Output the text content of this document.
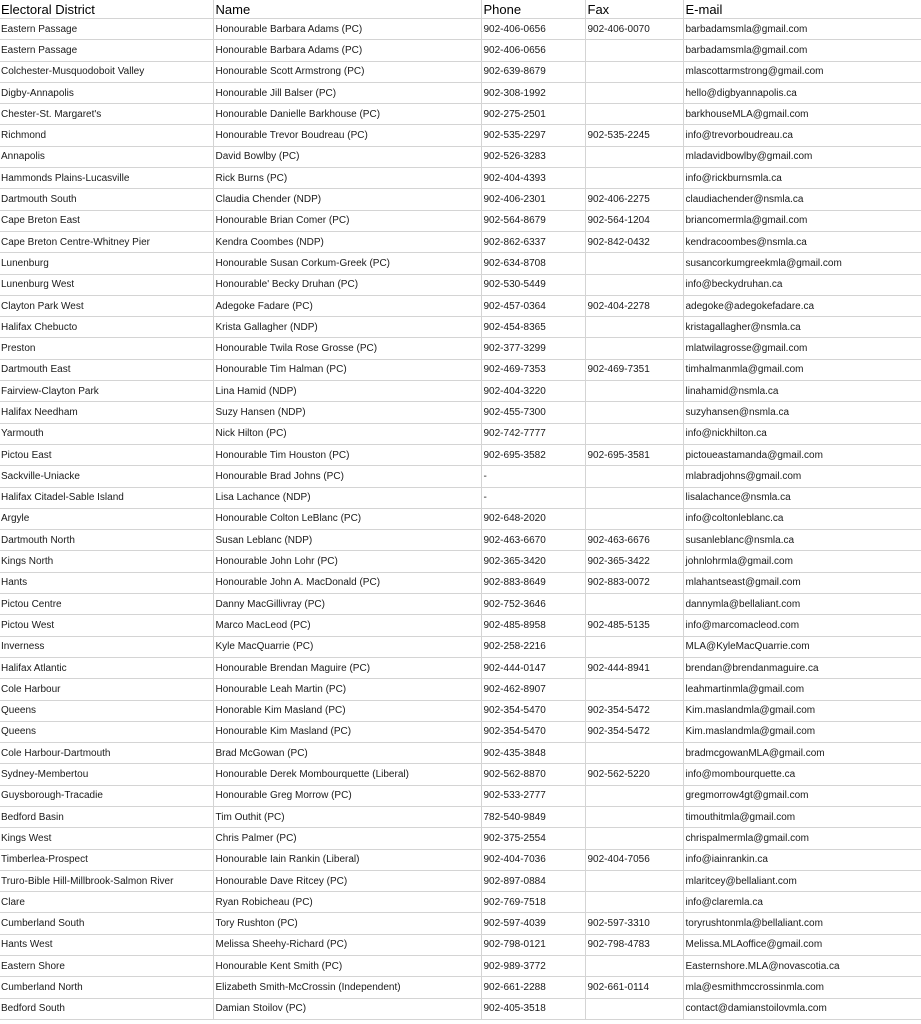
Electoral District	Name	Phone	Fax	E-mail
Eastern Passage	Honourable Barbara Adams (PC)	902-406-0656	902-406-0070	barbadamsmla@gmail.com
Eastern Passage	Honourable Barbara Adams (PC)	902-406-0656		barbadamsmla@gmail.com
Colchester-Musquodoboit Valley	Honourable Scott Armstrong (PC)	902-639-8679		mlascottarmstrong@gmail.com
Digby-Annapolis	Honourable Jill Balser (PC)	902-308-1992		hello@digbyannapolis.ca
Chester-St. Margaret's	Honourable Danielle Barkhouse (PC)	902-275-2501		barkhouseMLA@gmail.com
Richmond	Honourable Trevor Boudreau (PC)	902-535-2297	902-535-2245	info@trevorboudreau.ca
Annapolis	David Bowlby (PC)	902-526-3283		mladavidbowlby@gmail.com
Hammonds Plains-Lucasville	Rick Burns (PC)	902-404-4393		info@rickburnsmla.ca
Dartmouth South	Claudia Chender (NDP)	902-406-2301	902-406-2275	claudiachender@nsmla.ca
Cape Breton East	Honourable Brian Comer (PC)	902-564-8679	902-564-1204	briancomermla@gmail.com
Cape Breton Centre-Whitney Pier	Kendra Coombes (NDP)	902-862-6337	902-842-0432	kendracoombes@nsmla.ca
Lunenburg	Honourable Susan Corkum-Greek (PC)	902-634-8708		susancorkumgreekmla@gmail.com
Lunenburg West	Honourable' Becky Druhan (PC)	902-530-5449		info@beckydruhan.ca
Clayton Park West	Adegoke Fadare (PC)	902-457-0364	902-404-2278	adegoke@adegokefadare.ca
Halifax Chebucto	Krista Gallagher (NDP)	902-454-8365		kristagallagher@nsmla.ca
Preston	Honourable Twila Rose Grosse (PC)	902-377-3299		mlatwilagrosse@gmail.com
Dartmouth East	Honourable Tim Halman (PC)	902-469-7353	902-469-7351	timhalmanmla@gmail.com
Fairview-Clayton Park	Lina Hamid (NDP)	902-404-3220		linahamid@nsmla.ca
Halifax Needham	Suzy Hansen (NDP)	902-455-7300		suzyhansen@nsmla.ca
Yarmouth	Nick Hilton (PC)	902-742-7777		info@nickhilton.ca
Pictou East	Honourable Tim Houston (PC)	902-695-3582	902-695-3581	pictoueastamanda@gmail.com
Sackville-Uniacke	Honourable Brad Johns (PC)	-		mlabradjohns@gmail.com
Halifax Citadel-Sable Island	Lisa Lachance (NDP)	-		lisalachance@nsmla.ca
Argyle	Honourable Colton LeBlanc (PC)	902-648-2020		info@coltonleblanc.ca
Dartmouth North	Susan Leblanc (NDP)	902-463-6670	902-463-6676	susanleblanc@nsmla.ca
Kings North	Honourable John Lohr (PC)	902-365-3420	902-365-3422	johnlohrmla@gmail.com
Hants	Honourable John A. MacDonald (PC)	902-883-8649	902-883-0072	mlahantseast@gmail.com
Pictou Centre	Danny MacGillivray (PC)	902-752-3646		dannymla@bellaliant.com
Pictou West	Marco MacLeod (PC)	902-485-8958	902-485-5135	info@marcomacleod.com
Inverness	Kyle MacQuarrie (PC)	902-258-2216		MLA@KyleMacQuarrie.com
Halifax Atlantic	Honourable Brendan Maguire (PC)	902-444-0147	902-444-8941	brendan@brendanmaguire.ca
Cole Harbour	Honourable Leah Martin (PC)	902-462-8907		leahmartinmla@gmail.com
Queens	Honorable Kim Masland (PC)	902-354-5470	902-354-5472	Kim.maslandmla@gmail.com
Queens	Honourable Kim Masland (PC)	902-354-5470	902-354-5472	Kim.maslandmla@gmail.com
Cole Harbour-Dartmouth	Brad McGowan (PC)	902-435-3848		bradmcgowanMLA@gmail.com
Sydney-Membertou	Honourable Derek Mombourquette (Liberal)	902-562-8870	902-562-5220	info@mombourquette.ca
Guysborough-Tracadie	Honourable Greg Morrow (PC)	902-533-2777		gregmorrow4gt@gmail.com
Bedford Basin	Tim Outhit (PC)	782-540-9849		timouthitmla@gmail.com
Kings West	Chris Palmer (PC)	902-375-2554		chrispalmermla@gmail.com
Timberlea-Prospect	Honourable Iain Rankin (Liberal)	902-404-7036	902-404-7056	info@iainrankin.ca
Truro-Bible Hill-Millbrook-Salmon River	Honourable Dave Ritcey (PC)	902-897-0884		mlaritcey@bellaliant.com
Clare	Ryan Robicheau (PC)	902-769-7518		info@claremla.ca
Cumberland South	Tory Rushton (PC)	902-597-4039	902-597-3310	toryrushtonmla@bellaliant.com
Hants West	Melissa Sheehy-Richard (PC)	902-798-0121	902-798-4783	Melissa.MLAoffice@gmail.com
Eastern Shore	Honourable Kent Smith (PC)	902-989-3772		Easternshore.MLA@novascotia.ca
Cumberland North	Elizabeth Smith-McCrossin (Independent)	902-661-2288	902-661-0114	mla@esmithmccrossinmla.com
Bedford South	Damian Stoilov (PC)	902-405-3518		contact@damianstoilovmla.com
